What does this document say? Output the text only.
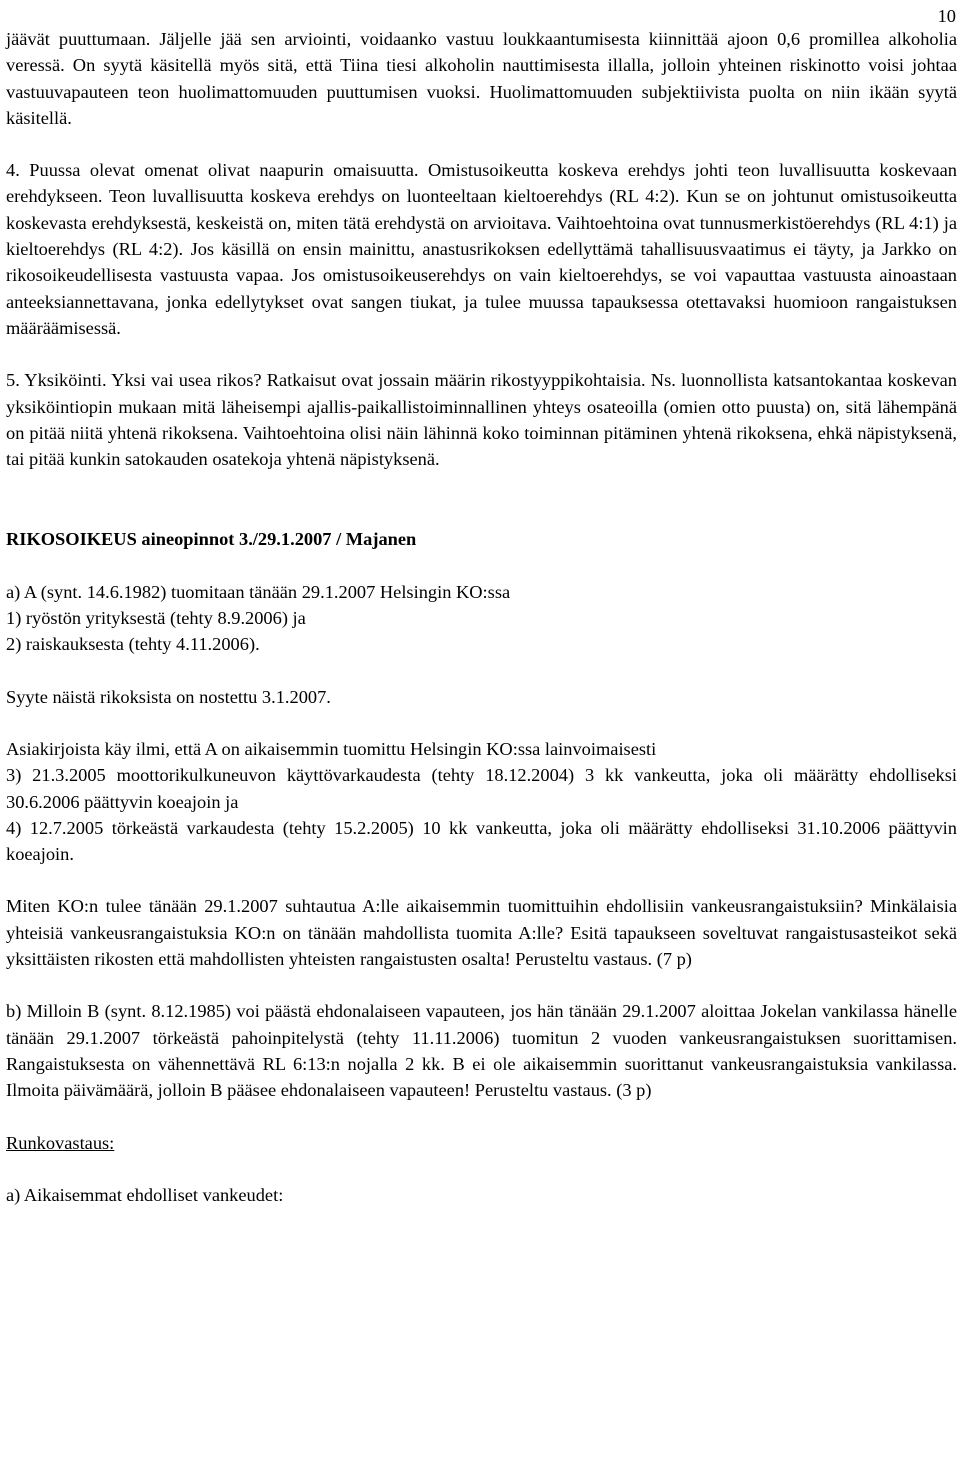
10

jäävät puuttumaan. Jäljelle jää sen arviointi, voidaanko vastuu loukkaantumisesta kiinnittää ajoon 0,6 promillea alkoholia veressä. On syytä käsitellä myös sitä, että Tiina tiesi alkoholin nauttimisesta illalla, jolloin yhteinen riskinotto voisi johtaa vastuuvapauteen teon huolimattomuuden puuttumisen vuoksi. Huolimattomuuden subjektiivista puolta on niin ikään syytä käsitellä.

4. Puussa olevat omenat olivat naapurin omaisuutta. Omistusoikeutta koskeva erehdys johti teon luvallisuutta koskevaan erehdykseen. Teon luvallisuutta koskeva erehdys on luonteeltaan kieltoerehdys (RL 4:2). Kun se on johtunut omistusoikeutta koskevasta erehdyksestä, keskeistä on, miten tätä erehdystä on arvioitava. Vaihtoehtoina ovat tunnusmerkistöerehdys (RL 4:1) ja kieltoerehdys (RL 4:2). Jos käsillä on ensin mainittu, anastusrikoksen edellyttämä tahallisuusvaatimus ei täyty, ja Jarkko on rikosoikeudellisesta vastuusta vapaa. Jos omistusoikeuserehdys on vain kieltoerehdys, se voi vapauttaa vastuusta ainoastaan anteeksiannettavana, jonka edellytykset ovat sangen tiukat, ja tulee muussa tapauksessa otettavaksi huomioon rangaistuksen määräämisessä.

5. Yksiköinti. Yksi vai usea rikos? Ratkaisut ovat jossain määrin rikostyyppikohtaisia. Ns. luonnollista katsantokantaa koskevan yksiköintiopin mukaan mitä läheisempi ajallis-paikallistoiminnallinen yhteys osateoilla (omien otto puusta) on, sitä lähempänä on pitää niitä yhtenä rikoksena. Vaihtoehtoina olisi näin lähinnä koko toiminnan pitäminen yhtenä rikoksena, ehkä näpistyksenä, tai pitää kunkin satokauden osatekoja yhtenä näpistyksenä.

RIKOSOIKEUS aineopinnot 3./29.1.2007 / Majanen

a) A (synt. 14.6.1982) tuomitaan tänään 29.1.2007 Helsingin KO:ssa

1) ryöstön yrityksestä (tehty 8.9.2006) ja

2) raiskauksesta (tehty 4.11.2006).

Syyte näistä rikoksista on nostettu 3.1.2007.

Asiakirjoista käy ilmi, että A on aikaisemmin tuomittu Helsingin KO:ssa lainvoimaisesti

3) 21.3.2005 moottorikulkuneuvon käyttövarkaudesta (tehty 18.12.2004) 3 kk vankeutta, joka oli määrätty ehdolliseksi 30.6.2006 päättyvin koeajoin ja

4) 12.7.2005 törkeästä varkaudesta (tehty 15.2.2005) 10 kk vankeutta, joka oli määrätty ehdolliseksi 31.10.2006 päättyvin koeajoin.

Miten KO:n tulee tänään 29.1.2007 suhtautua A:lle aikaisemmin tuomittuihin ehdollisiin vankeusrangaistuksiin? Minkälaisia yhteisiä vankeusrangaistuksia KO:n on tänään mahdollista tuomita A:lle? Esitä tapaukseen soveltuvat rangaistusasteikot sekä yksittäisten rikosten että mahdollisten yhteisten rangaistusten osalta! Perusteltu vastaus. (7 p)

b) Milloin B (synt. 8.12.1985) voi päästä ehdonalaiseen vapauteen, jos hän tänään 29.1.2007 aloittaa Jokelan vankilassa hänelle tänään 29.1.2007 törkeästä pahoinpitelystä (tehty 11.11.2006) tuomitun 2 vuoden vankeusrangaistuksen suorittamisen. Rangaistuksesta on vähennettävä RL 6:13:n nojalla 2 kk. B ei ole aikaisemmin suorittanut vankeusrangaistuksia vankilassa. Ilmoita päivämäärä, jolloin B pääsee ehdonalaiseen vapauteen! Perusteltu vastaus. (3 p)

Runkovastaus:

a) Aikaisemmat ehdolliset vankeudet:
